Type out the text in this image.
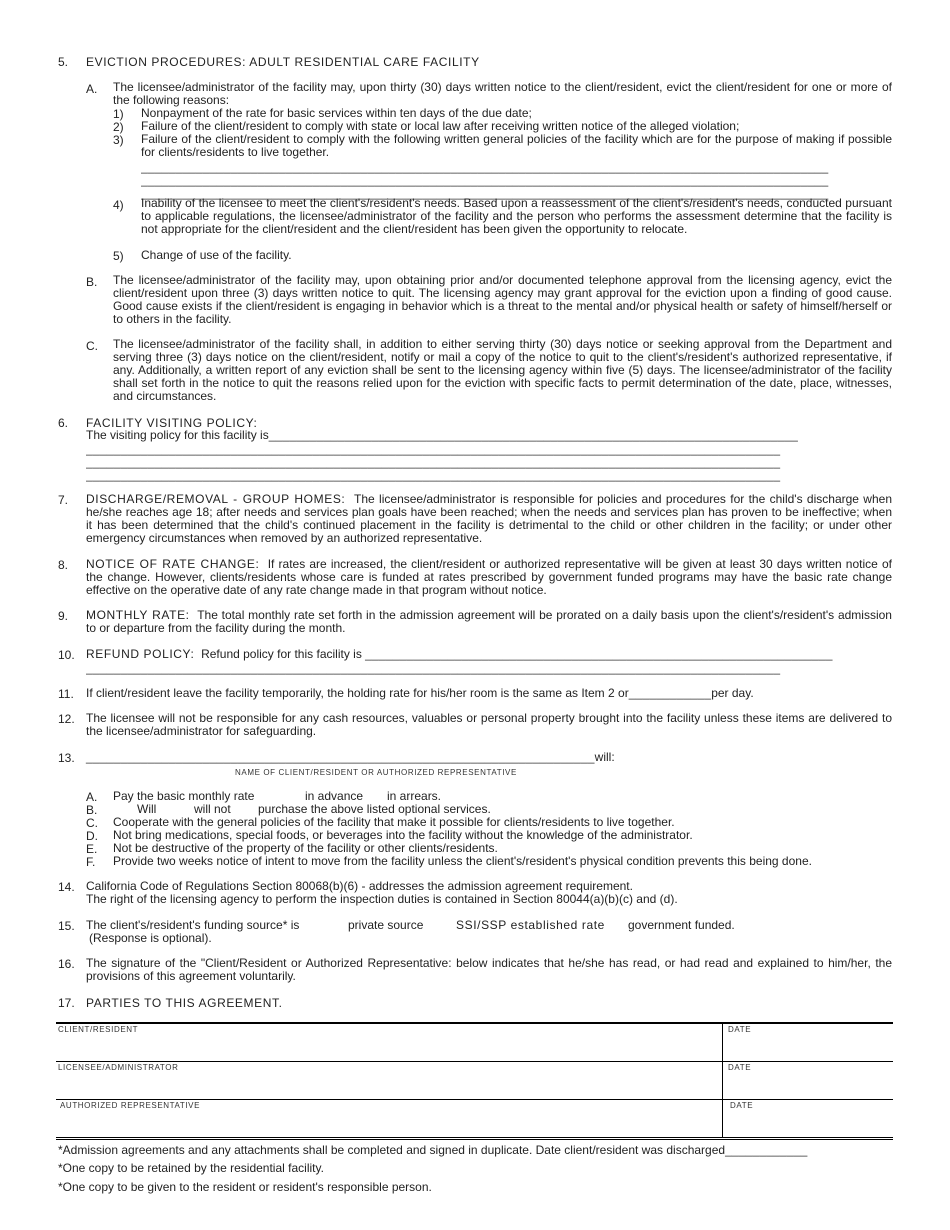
5. EVICTION PROCEDURES: ADULT RESIDENTIAL CARE FACILITY
A. The licensee/administrator of the facility may, upon thirty (30) days written notice to the client/resident, evict the client/resident for one or more of the following reasons:
1) Nonpayment of the rate for basic services within ten days of the due date;
2) Failure of the client/resident to comply with state or local law after receiving written notice of the alleged violation;
3) Failure of the client/resident to comply with the following written general policies of the facility which are for the purpose of making if possible for clients/residents to live together.
____________________________________________________________________________________________________
____________________________________________________________________________________________________
____________________________________________________________________________________________________
4) Inability of the licensee to meet the client's/resident's needs. Based upon a reassessment of the client's/resident's needs, conducted pursuant to applicable regulations, the licensee/administrator of the facility and the person who performs the assessment determine that the facility is not appropriate for the client/resident and the client/resident has been given the opportunity to relocate.
5) Change of use of the facility.
B. The licensee/administrator of the facility may, upon obtaining prior and/or documented telephone approval from the licensing agency, evict the client/resident upon three (3) days written notice to quit. The licensing agency may grant approval for the eviction upon a finding of good cause. Good cause exists if the client/resident is engaging in behavior which is a threat to the mental and/or physical health or safety of himself/herself or to others in the facility.
C. The licensee/administrator of the facility shall, in addition to either serving thirty (30) days notice or seeking approval from the Department and serving three (3) days notice on the client/resident, notify or mail a copy of the notice to quit to the client's/resident's authorized representative, if any. Additionally, a written report of any eviction shall be sent to the licensing agency within five (5) days. The licensee/administrator of the facility shall set forth in the notice to quit the reasons relied upon for the eviction with specific facts to permit determination of the date, place, witnesses, and circumstances.
6. FACILITY VISITING POLICY:
The visiting policy for this facility is_____________________________________________________________________________
_____________________________________________________________________________________________________
_____________________________________________________________________________________________________
_____________________________________________________________________________________________________
7. DISCHARGE/REMOVAL - GROUP HOMES: The licensee/administrator is responsible for policies and procedures for the child's discharge when he/she reaches age 18; after needs and services plan goals have been reached; when the needs and services plan has proven to be ineffective; when it has been determined that the child's continued placement in the facility is detrimental to the child or other children in the facility; or under other emergency circumstances when removed by an authorized representative.
8. NOTICE OF RATE CHANGE: If rates are increased, the client/resident or authorized representative will be given at least 30 days written notice of the change. However, clients/residents whose care is funded at rates prescribed by government funded programs may have the basic rate change effective on the operative date of any rate change made in that program without notice.
9. MONTHLY RATE: The total monthly rate set forth in the admission agreement will be prorated on a daily basis upon the client's/resident's admission to or departure from the facility during the month.
10. REFUND POLICY: Refund policy for this facility is ____________________________________________________________________
_____________________________________________________________________________________________________
11. If client/resident leave the facility temporarily, the holding rate for his/her room is the same as Item 2 or____________per day.
12. The licensee will not be responsible for any cash resources, valuables or personal property brought into the facility unless these items are delivered to the licensee/administrator for safeguarding.
13. __________________________________________________________________________will:
NAME OF CLIENT/RESIDENT OR AUTHORIZED REPRESENTATIVE
A. Pay the basic monthly rate	in advance in arrears.
B.	Will	will not purchase the above listed optional services.
C. Cooperate with the general policies of the facility that make it possible for clients/residents to live together.
D. Not bring medications, special foods, or beverages into the facility without the knowledge of the administrator.
E. Not be destructive of the property of the facility or other clients/residents.
F. Provide two weeks notice of intent to move from the facility unless the client's/resident's physical condition prevents this being done.
14. California Code of Regulations Section 80068(b)(6) - addresses the admission agreement requirement.
The right of the licensing agency to perform the inspection duties is contained in Section 80044(a)(b)(c) and (d).
15. The client's/resident's funding source* is	private source	SSI/SSP established rate government funded.
(Response is optional).
16. The signature of the "Client/Resident or Authorized Representative: below indicates that he/she has read, or had read and explained to him/her, the provisions of this agreement voluntarily.
17. PARTIES TO THIS AGREEMENT.
CLIENT/RESIDENT	DATE
LICENSEE/ADMINISTRATOR	DATE
AUTHORIZED REPRESENTATIVE	DATE
*Admission agreements and any attachments shall be completed and signed in duplicate. Date client/resident was discharged____________
*One copy to be retained by the residential facility.
*One copy to be given to the resident or resident's responsible person.
